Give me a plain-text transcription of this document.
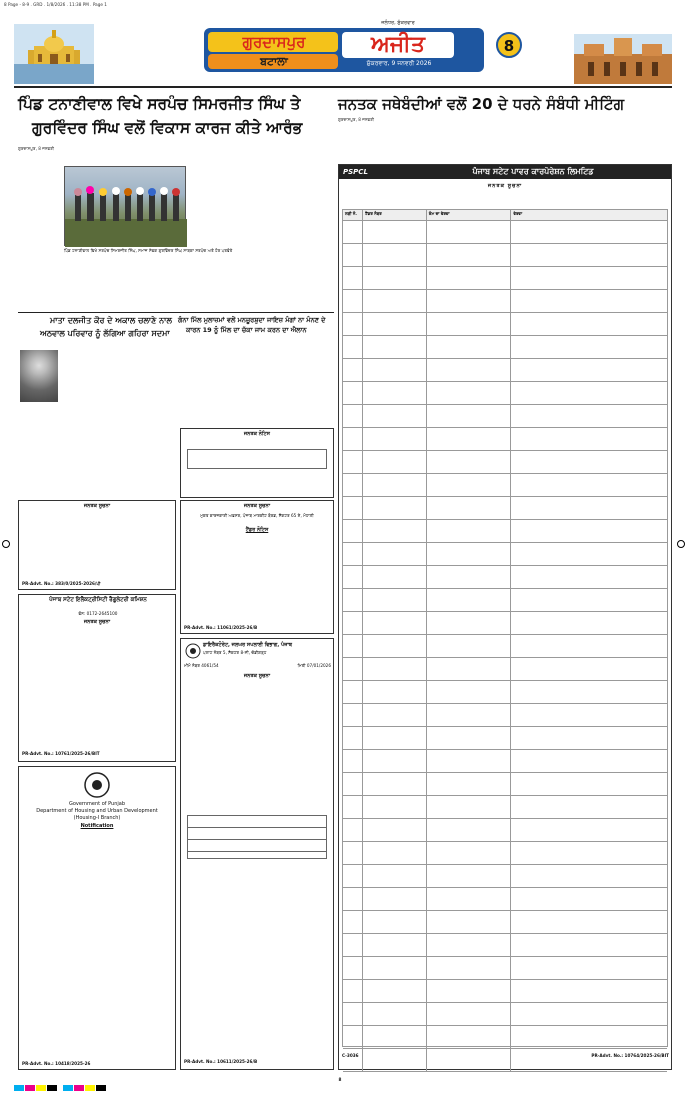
8 Page - 8-9 . GRD . 1/8/2026 . 11:38 PM . Page 1
ਗੁਰਦਾਸਪੁਰ
ਬਟਾਲਾ
ਅਜੀਤ
ਸ਼ੁੱਕਰਵਾਰ, 9 ਜਨਵਰੀ 2026
ਜਲੰਧਰ, ਸ਼ੁੱਕਰਵਾਰ
8
ਪਿੰਡ ਟਨਾਣੀਵਾਲ ਵਿਖੇ ਸਰਪੰਚ ਸਿਮਰਜੀਤ ਸਿੰਘ ਤੇ
ਗੁਰਵਿੰਦਰ ਸਿੰਘ ਵਲੋਂ ਵਿਕਾਸ ਕਾਰਜ ਕੀਤੇ ਆਰੰਭ
ਗੁਰਦਾਸਪੁਰ, 8 ਜਨਵਰੀ
ਪਿੰਡ ਟਨਾਣੀਵਾਲ ਵਿਖੇ ਸਰਪੰਚ ਸਿਮਰਜੀਤ ਸਿੰਘ, ਸਮਾਜ ਸੇਵਕ ਗੁਰਵਿੰਦਰ ਸਿੰਘ ਸਾਬਕਾ ਸਰਪੰਚ ਅਤੇ ਹੋਰ ਪਤਵੰਤੇ
ਜਨਤਕ ਜਥੇਬੰਦੀਆਂ ਵਲੋਂ 20 ਦੇ ਧਰਨੇ ਸੰਬੰਧੀ ਮੀਟਿੰਗ
ਗੁਰਦਾਸਪੁਰ, 8 ਜਨਵਰੀ
ਮਾਤਾ ਦਲਜੀਤ ਕੌਰ ਦੇ ਅਕਾਲ ਚਲਾਣੇ ਨਾਲ
ਅਠਵਾਲ ਪਰਿਵਾਰ ਨੂੰ ਲੱਗਿਆ ਗਹਿਰਾ ਸਦਮਾ
ਗੰਨਾ ਮਿੱਲ ਮੁਲਾਜ਼ਮਾਂ ਵਲੋਂ ਮਨਜ਼ੂਰਸ਼ੁਦਾ ਜਾਇਜ਼ ਮੰਗਾਂ ਨਾ ਮੰਨਣ ਦੇ
ਕਾਰਨ 19 ਨੂੰ ਮਿੱਲ ਦਾ ਚੱਕਾ ਜਾਮ ਕਰਨ ਦਾ ਐਲਾਨ
ਜਨਤਕ ਨੋਟਿਸ
ਜਨਤਕ ਸੂਚਨਾ
PR-Advt. No.: 383/0/2025-2026/ਪੀ
ਪੰਜਾਬ ਸਟੇਟ ਇਲੈਕਟ੍ਰੀਸਿਟੀ ਰੈਗੂਲੇਟਰੀ ਕਮਿਸ਼ਨ
ਫੋਨ: 0172-2645100
ਜਨਤਕ ਸੂਚਨਾ
PR-Advt. No.: 10761/2025-26/BIT
Government of Punjab
Department of Housing and Urban Development
(Housing-I Branch)
Notification
PR-Advt. No.: 10418/2025-26
ਜਨਤਕ ਸੂਚਨਾ
ਮੁਕਤ ਕਾਰਜਕਾਰੀ ਅਫ਼ਸਰ, ਪੰਜਾਬ ਮਾਰਕੀਟ ਬੋਰਡ, ਸੈਕਟਰ 65 ਏ, ਮੋਹਾਲੀ
ਟੈਂਡਰ ਨੋਟਿਸ
PR-Advt. No.: 11061/2025-26/B
ਡਾਇਰੈਕਟੋਰੇਟ, ਜਲਘਰ ਸਪਲਾਈ ਵਿਭਾਗ, ਪੰਜਾਬ
ਪਲਾਟ ਨੰਬਰ 5, ਸੈਕਟਰ 8-ਸੀ, ਚੰਡੀਗੜ੍ਹ
ਮੀਮੋ ਨੰਬਰ 4061/54	ਮਿਤੀ 07/01/2026
ਜਨਤਕ ਸੂਚਨਾ
PR-Advt. No.: 10611/2025-26/B
PSPCL	ਪੰਜਾਬ ਸਟੇਟ ਪਾਵਰ ਕਾਰਪੋਰੇਸ਼ਨ ਲਿਮਟਿਡ
ਜਨਤਕ ਸੂਚਨਾ
ਲੜੀ ਨੰ.	ਟੈਂਡਰ ਨੰਬਰ	ਕੰਮ ਦਾ ਵੇਰਵਾ	ਵੇਰਵਾ
C-3036	PR-Advt. No.: 10764/2025-26/BIT

8
